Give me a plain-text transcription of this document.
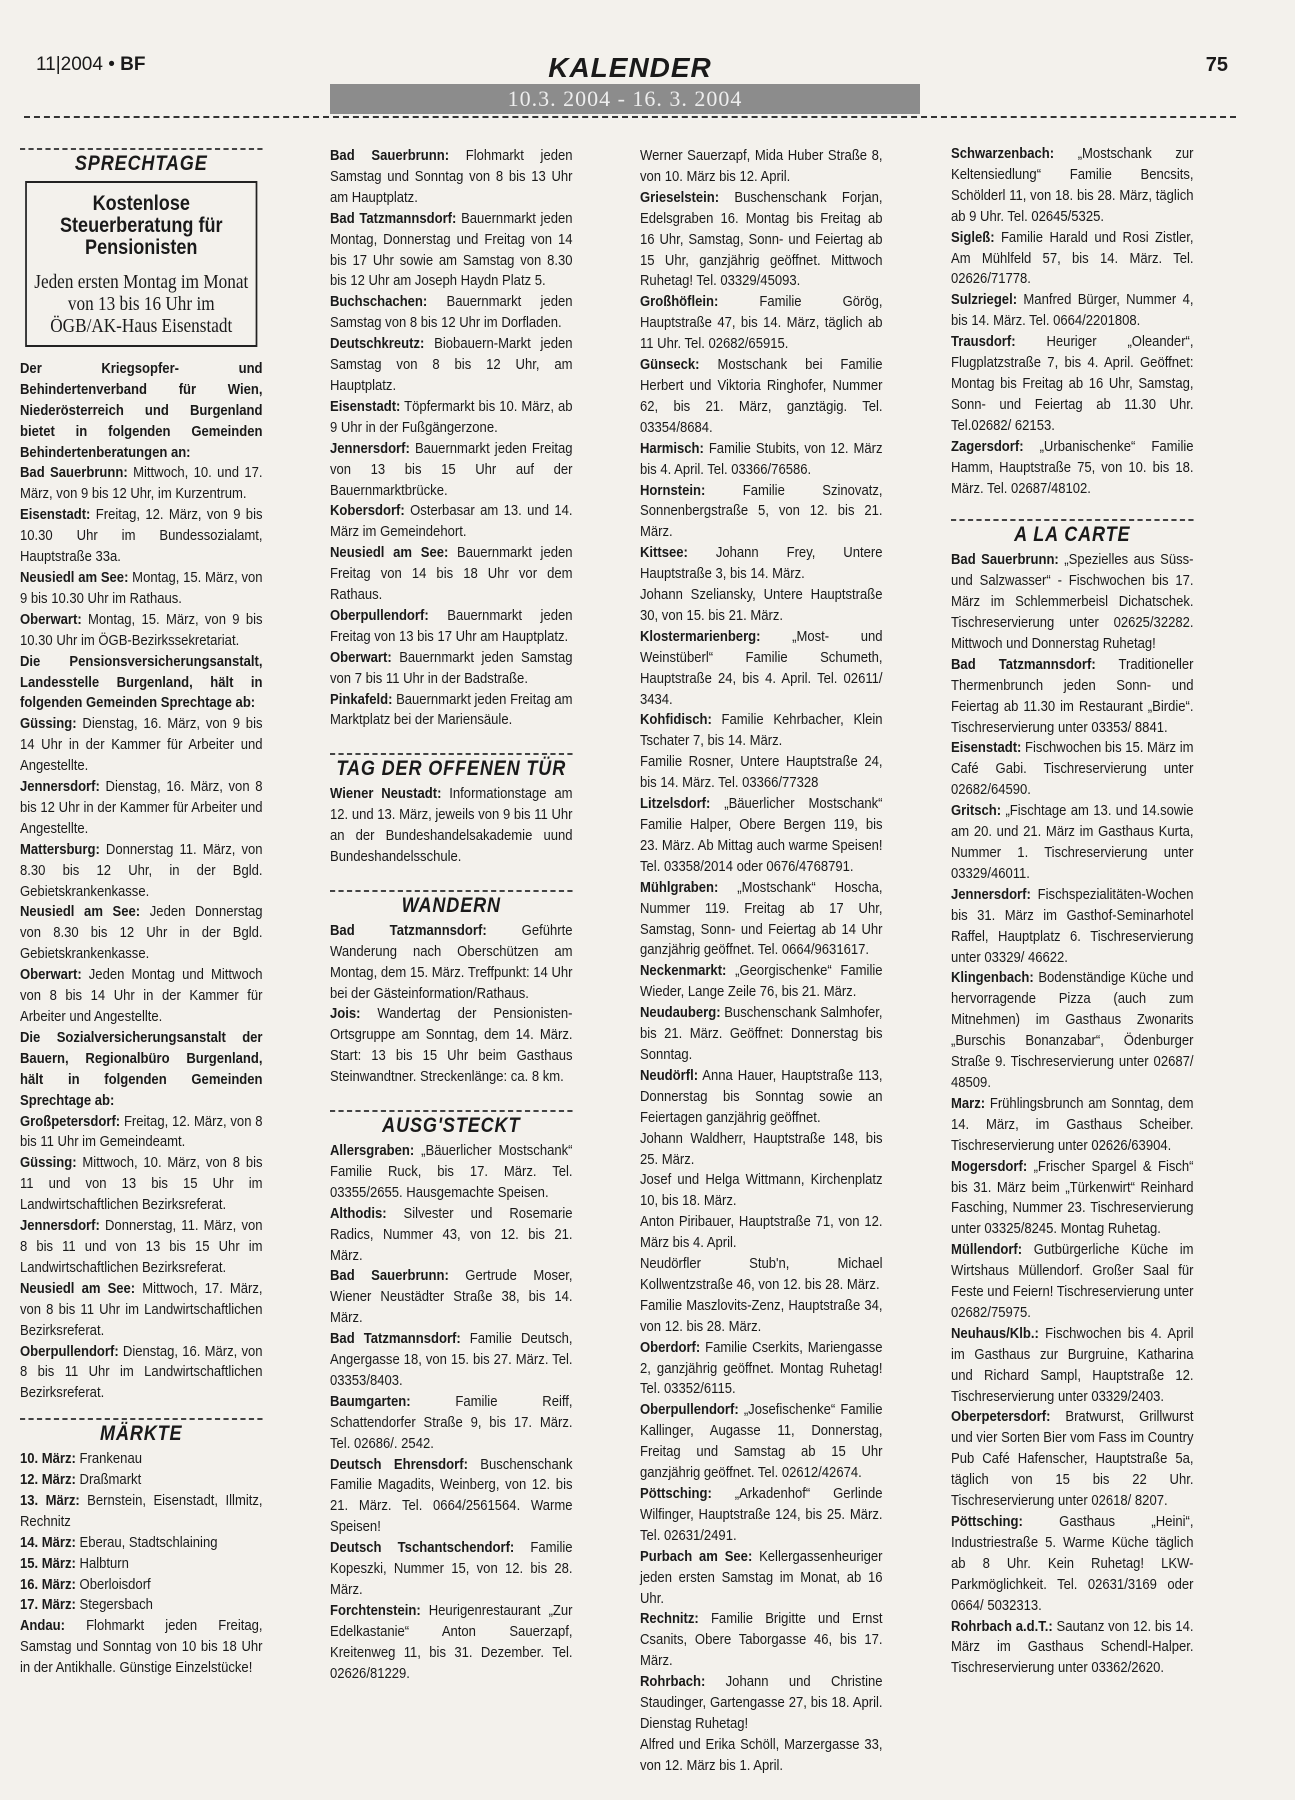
11|2004 • BF	KALENDER	75
10.3. 2004 - 16. 3. 2004
SPRECHTAGE
Kostenlose Steuerberatung für Pensionisten
Jeden ersten Montag im Monat von 13 bis 16 Uhr im ÖGB/AK-Haus Eisenstadt

Der Kriegsopfer- und Behindertenverband für Wien, Niederösterreich und Burgenland bietet in folgenden Gemeinden Behindertenberatungen an:

Bad Sauerbrunn: Mittwoch, 10. und 17. März, von 9 bis 12 Uhr, im Kurzentrum.

Eisenstadt: Freitag, 12. März, von 9 bis 10.30 Uhr im Bundessozialamt, Hauptstraße 33a.

Neusiedl am See: Montag, 15. März, von 9 bis 10.30 Uhr im Rathaus.

Oberwart: Montag, 15. März, von 9 bis 10.30 Uhr im ÖGB-Bezirkssekretariat.

Die Pensionsversicherungsanstalt, Landesstelle Burgenland, hält in folgenden Gemeinden Sprechtage ab:

Güssing: Dienstag, 16. März, von 9 bis 14 Uhr in der Kammer für Arbeiter und Angestellte.

Jennersdorf: Dienstag, 16. März, von 8 bis 12 Uhr in der Kammer für Arbeiter und Angestellte.

Mattersburg: Donnerstag 11. März, von 8.30 bis 12 Uhr, in der Bgld. Gebietskrankenkasse.

Neusiedl am See: Jeden Donnerstag von 8.30 bis 12 Uhr in der Bgld. Gebietskrankenkasse.

Oberwart: Jeden Montag und Mittwoch von 8 bis 14 Uhr in der Kammer für Arbeiter und Angestellte.

Die Sozialversicherungsanstalt der Bauern, Regionalbüro Burgenland, hält in folgenden Gemeinden Sprechtage ab:

Großpetersdorf: Freitag, 12. März, von 8 bis 11 Uhr im Gemeindeamt.

Güssing: Mittwoch, 10. März, von 8 bis 11 und von 13 bis 15 Uhr im Landwirtschaftlichen Bezirksreferat.

Jennersdorf: Donnerstag, 11. März, von 8 bis 11 und von 13 bis 15 Uhr im Landwirtschaftlichen Bezirksreferat.

Neusiedl am See: Mittwoch, 17. März, von 8 bis 11 Uhr im Landwirtschaftlichen Bezirksreferat.

Oberpullendorf: Dienstag, 16. März, von 8 bis 11 Uhr im Landwirtschaftlichen Bezirksreferat.

MÄRKTE

10. März: Frankenau

12. März: Draßmarkt

13. März: Bernstein, Eisenstadt, Illmitz, Rechnitz

14. März: Eberau, Stadtschlaining

15. März: Halbturn

16. März: Oberloisdorf

17. März: Stegersbach

Andau: Flohmarkt jeden Freitag, Samstag und Sonntag von 10 bis 18 Uhr in der Antikhalle. Günstige Einzelstücke!

Bad Sauerbrunn: Flohmarkt jeden Samstag und Sonntag von 8 bis 13 Uhr am Hauptplatz.

Bad Tatzmannsdorf: Bauernmarkt jeden Montag, Donnerstag und Freitag von 14 bis 17 Uhr sowie am Samstag von 8.30 bis 12 Uhr am Joseph Haydn Platz 5.

Buchschachen: Bauernmarkt jeden Samstag von 8 bis 12 Uhr im Dorfladen.

Deutschkreutz: Biobauern-Markt jeden Samstag von 8 bis 12 Uhr, am Hauptplatz.

Eisenstadt: Töpfermarkt bis 10. März, ab 9 Uhr in der Fußgängerzone.

Jennersdorf: Bauernmarkt jeden Freitag von 13 bis 15 Uhr auf der Bauernmarktbrücke.

Kobersdorf: Osterbasar am 13. und 14. März im Gemeindehort.

Neusiedl am See: Bauernmarkt jeden Freitag von 14 bis 18 Uhr vor dem Rathaus.

Oberpullendorf: Bauernmarkt jeden Freitag von 13 bis 17 Uhr am Hauptplatz.

Oberwart: Bauernmarkt jeden Samstag von 7 bis 11 Uhr in der Badstraße.

Pinkafeld: Bauernmarkt jeden Freitag am Marktplatz bei der Mariensäule.

TAG DER OFFENEN TÜR

Wiener Neustadt: Informationstage am 12. und 13. März, jeweils von 9 bis 11 Uhr an der Bundeshandelsakademie uund Bundeshandelsschule.

WANDERN

Bad Tatzmannsdorf: Geführte Wanderung nach Oberschützen am Montag, dem 15. März. Treffpunkt: 14 Uhr bei der Gästeinformation/Rathaus.

Jois: Wandertag der Pensionisten-Ortsgruppe am Sonntag, dem 14. März. Start: 13 bis 15 Uhr beim Gasthaus Steinwandtner. Streckenlänge: ca. 8 km.

AUSG'STECKT

Allersgraben: „Bäuerlicher Mostschank“ Familie Ruck, bis 17. März. Tel. 03355/2655. Hausgemachte Speisen.

Althodis: Silvester und Rosemarie Radics, Nummer 43, von 12. bis 21. März.

Bad Sauerbrunn: Gertrude Moser, Wiener Neustädter Straße 38, bis 14. März.

Bad Tatzmannsdorf: Familie Deutsch, Angergasse 18, von 15. bis 27. März. Tel. 03353/8403.

Baumgarten: Familie Reiff, Schattendorfer Straße 9, bis 17. März. Tel. 02686/. 2542.

Deutsch Ehrensdorf: Buschenschank Familie Magadits, Weinberg, von 12. bis 21. März. Tel. 0664/2561564. Warme Speisen!

Deutsch Tschantschendorf: Familie Kopeszki, Nummer 15, von 12. bis 28. März.

Forchtenstein: Heurigenrestaurant „Zur Edelkastanie“ Anton Sauerzapf, Kreitenweg 11, bis 31. Dezember. Tel. 02626/81229.

Werner Sauerzapf, Mida Huber Straße 8, von 10. März bis 12. April.

Grieselstein: Buschenschank Forjan, Edelsgraben 16. Montag bis Freitag ab 16 Uhr, Samstag, Sonn- und Feiertag ab 15 Uhr, ganzjährig geöffnet. Mittwoch Ruhetag! Tel. 03329/45093.

Großhöflein: Familie Görög, Hauptstraße 47, bis 14. März, täglich ab 11 Uhr. Tel. 02682/65915.

Günseck: Mostschank bei Familie Herbert und Viktoria Ringhofer, Nummer 62, bis 21. März, ganztägig. Tel. 03354/8684.

Harmisch: Familie Stubits, von 12. März bis 4. April. Tel. 03366/76586.

Hornstein: Familie Szinovatz, Sonnenbergstraße 5, von 12. bis 21. März.

Kittsee: Johann Frey, Untere Hauptstraße 3, bis 14. März.

Johann Szeliansky, Untere Hauptstraße 30, von 15. bis 21. März.

Klostermarienberg: „Most- und Weinstüberl“ Familie Schumeth, Hauptstraße 24, bis 4. April. Tel. 02611/ 3434.

Kohfidisch: Familie Kehrbacher, Klein Tschater 7, bis 14. März.

Familie Rosner, Untere Hauptstraße 24, bis 14. März. Tel. 03366/77328

Litzelsdorf: „Bäuerlicher Mostschank“ Familie Halper, Obere Bergen 119, bis 23. März. Ab Mittag auch warme Speisen! Tel. 03358/2014 oder 0676/4768791.

Mühlgraben: „Mostschank“ Hoscha, Nummer 119. Freitag ab 17 Uhr, Samstag, Sonn- und Feiertag ab 14 Uhr ganzjährig geöffnet. Tel. 0664/9631617.

Neckenmarkt: „Georgischenke“ Familie Wieder, Lange Zeile 76, bis 21. März.

Neudauberg: Buschenschank Salmhofer, bis 21. März. Geöffnet: Donnerstag bis Sonntag.

Neudörfl: Anna Hauer, Hauptstraße 113, Donnerstag bis Sonntag sowie an Feiertagen ganzjährig geöffnet.

Johann Waldherr, Hauptstraße 148, bis 25. März.

Josef und Helga Wittmann, Kirchenplatz 10, bis 18. März.

Anton Piribauer, Hauptstraße 71, von 12. März bis 4. April.

Neudörfler Stub'n, Michael Kollwentzstraße 46, von 12. bis 28. März.

Familie Maszlovits-Zenz, Hauptstraße 34, von 12. bis 28. März.

Oberdorf: Familie Cserkits, Mariengasse 2, ganzjährig geöffnet. Montag Ruhetag! Tel. 03352/6115.

Oberpullendorf: „Josefischenke“ Familie Kallinger, Augasse 11, Donnerstag, Freitag und Samstag ab 15 Uhr ganzjährig geöffnet. Tel. 02612/42674.

Pöttsching: „Arkadenhof“ Gerlinde Wilfinger, Hauptstraße 124, bis 25. März. Tel. 02631/2491.

Purbach am See: Kellergassenheuriger jeden ersten Samstag im Monat, ab 16 Uhr.

Rechnitz: Familie Brigitte und Ernst Csanits, Obere Taborgasse 46, bis 17. März.

Rohrbach: Johann und Christine Staudinger, Gartengasse 27, bis 18. April. Dienstag Ruhetag!

Alfred und Erika Schöll, Marzergasse 33, von 12. März bis 1. April.

Schwarzenbach: „Mostschank zur Keltensiedlung“ Familie Bencsits, Schölderl 11, von 18. bis 28. März, täglich ab 9 Uhr. Tel. 02645/5325.

Sigleß: Familie Harald und Rosi Zistler, Am Mühlfeld 57, bis 14. März. Tel. 02626/71778.

Sulzriegel: Manfred Bürger, Nummer 4, bis 14. März. Tel. 0664/2201808.

Trausdorf: Heuriger „Oleander“, Flugplatzstraße 7, bis 4. April. Geöffnet: Montag bis Freitag ab 16 Uhr, Samstag, Sonn- und Feiertag ab 11.30 Uhr. Tel.02682/ 62153.

Zagersdorf: „Urbanischenke“ Familie Hamm, Hauptstraße 75, von 10. bis 18. März. Tel. 02687/48102.

A LA CARTE

Bad Sauerbrunn: „Spezielles aus Süss- und Salzwasser“ - Fischwochen bis 17. März im Schlemmerbeisl Dichatschek. Tischreservierung unter 02625/32282. Mittwoch und Donnerstag Ruhetag!

Bad Tatzmannsdorf: Traditioneller Thermenbrunch jeden Sonn- und Feiertag ab 11.30 im Restaurant „Birdie“. Tischreservierung unter 03353/ 8841.

Eisenstadt: Fischwochen bis 15. März im Café Gabi. Tischreservierung unter 02682/64590.

Gritsch: „Fischtage am 13. und 14.sowie am 20. und 21. März im Gasthaus Kurta, Nummer 1. Tischreservierung unter 03329/46011.

Jennersdorf: Fischspezialitäten-Wochen bis 31. März im Gasthof-Seminarhotel Raffel, Hauptplatz 6. Tischreservierung unter 03329/ 46622.

Klingenbach: Bodenständige Küche und hervorragende Pizza (auch zum Mitnehmen) im Gasthaus Zwonarits „Burschis Bonanzabar“, Ödenburger Straße 9. Tischreservierung unter 02687/ 48509.

Marz: Frühlingsbrunch am Sonntag, dem 14. März, im Gasthaus Scheiber. Tischreservierung unter 02626/63904.

Mogersdorf: „Frischer Spargel & Fisch“ bis 31. März beim „Türkenwirt“ Reinhard Fasching, Nummer 23. Tischreservierung unter 03325/8245. Montag Ruhetag.

Müllendorf: Gutbürgerliche Küche im Wirtshaus Müllendorf. Großer Saal für Feste und Feiern! Tischreservierung unter 02682/75975.

Neuhaus/Klb.: Fischwochen bis 4. April im Gasthaus zur Burgruine, Katharina und Richard Sampl, Hauptstraße 12. Tischreservierung unter 03329/2403.

Oberpetersdorf: Bratwurst, Grillwurst und vier Sorten Bier vom Fass im Country Pub Café Hafenscher, Hauptstraße 5a, täglich von 15 bis 22 Uhr. Tischreservierung unter 02618/ 8207.

Pöttsching: Gasthaus „Heini“, Industriestraße 5. Warme Küche täglich ab 8 Uhr. Kein Ruhetag! LKW-Parkmöglichkeit. Tel. 02631/3169 oder 0664/ 5032313.

Rohrbach a.d.T.: Sautanz von 12. bis 14. März im Gasthaus Schendl-Halper. Tischreservierung unter 03362/2620.
